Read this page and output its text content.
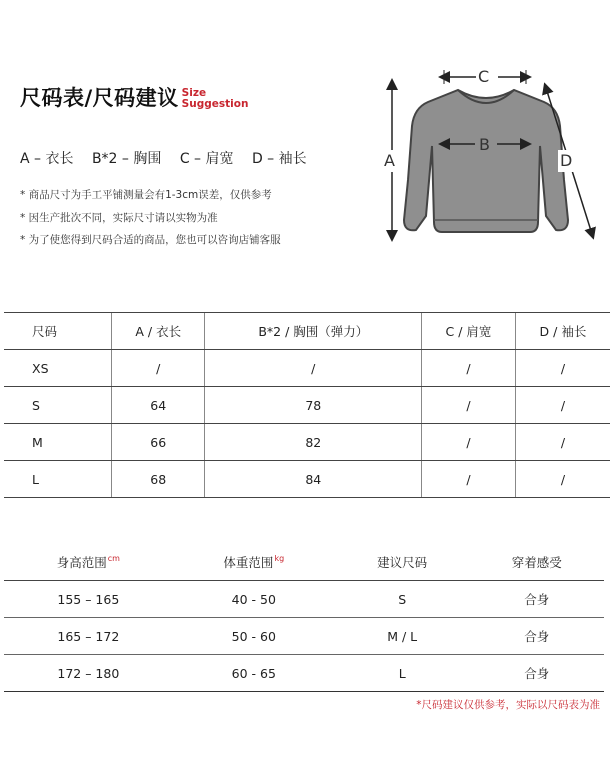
尺码表/尺码建议 Size
Suggestion
A – 衣长 B*2 – 胸围 C – 肩宽 D – 袖长
* 商品尺寸为手工平铺测量会有1-3cm误差，仅供参考
* 因生产批次不同，实际尺寸请以实物为准
* 为了使您得到尺码合适的商品，您也可以咨询店铺客服
C
B
A	D
尺码	A / 衣长	B*2 / 胸围（弹力）	C / 肩宽	D / 袖长
XS	/	/	/	/
S	64	78	/	/
M	66	82	/	/
L	68	84	/	/
身高范围$^{cm}$	体重范围$^{kg}$	建议尺码	穿着感受
155 – 165	40 - 50	S	合身
165 – 172	50 - 60	M / L	合身
172 – 180	60 - 65	L	合身
*尺码建议仅供参考，实际以尺码表为准
